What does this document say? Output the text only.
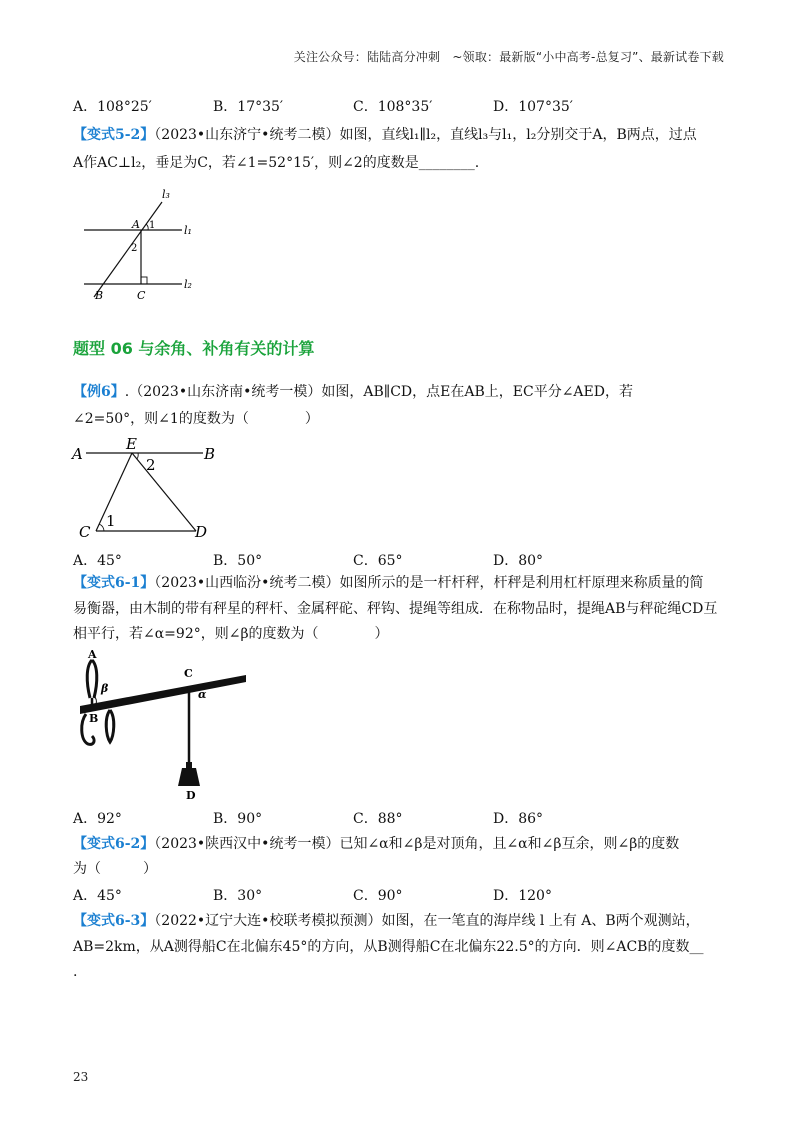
关注公众号：陆陆高分冲刺　~领取：最新版“小中高考-总复习”、最新试卷下载
A．108°25′	B．17°35′	C．108°35′	D．107°35′
【变式5-2】（2023•山东济宁•统考二模）如图，直线l₁∥l₂，直线l₃与l₁，l₂分别交于A，B两点，过点
A作AC⊥l₂，垂足为C，若∠1=52°15′，则∠2的度数是________.
l₃
l₁
l₂
A 1
2
B	C
题型 06 与余角、补角有关的计算
【例6】.（2023•山东济南•统考一模）如图，AB∥CD，点E在AB上，EC平分∠AED，若
∠2=50°，则∠1的度数为（　　　　）
A
E
2
B
C
1
D
A．45°	B．50°	C．65°	D．80°
【变式6-1】（2023•山西临汾•统考二模）如图所示的是一杆杆秤，杆秤是利用杠杆原理来称质量的简
易衡器，由木制的带有秤星的秤杆、金属秤砣、秤钩、提绳等组成．在称物品时，提绳AB与秤砣绳CD互
相平行，若∠α=92°，则∠β的度数为（　　　　）
A
β
B
C
α
D
A．92°	B．90°	C．88°	D．86°
【变式6-2】（2023•陕西汉中•统考一模）已知∠α和∠β是对顶角，且∠α和∠β互余，则∠β的度数
为（　　　）
A．45°	B．30°	C．90°	D．120°
【变式6-3】（2022•辽宁大连•校联考模拟预测）如图，在一笔直的海岸线 l 上有 A、B两个观测站，
AB=2km，从A测得船C在北偏东45°的方向，从B测得船C在北偏东22.5°的方向．则∠ACB的度数__
.
23
